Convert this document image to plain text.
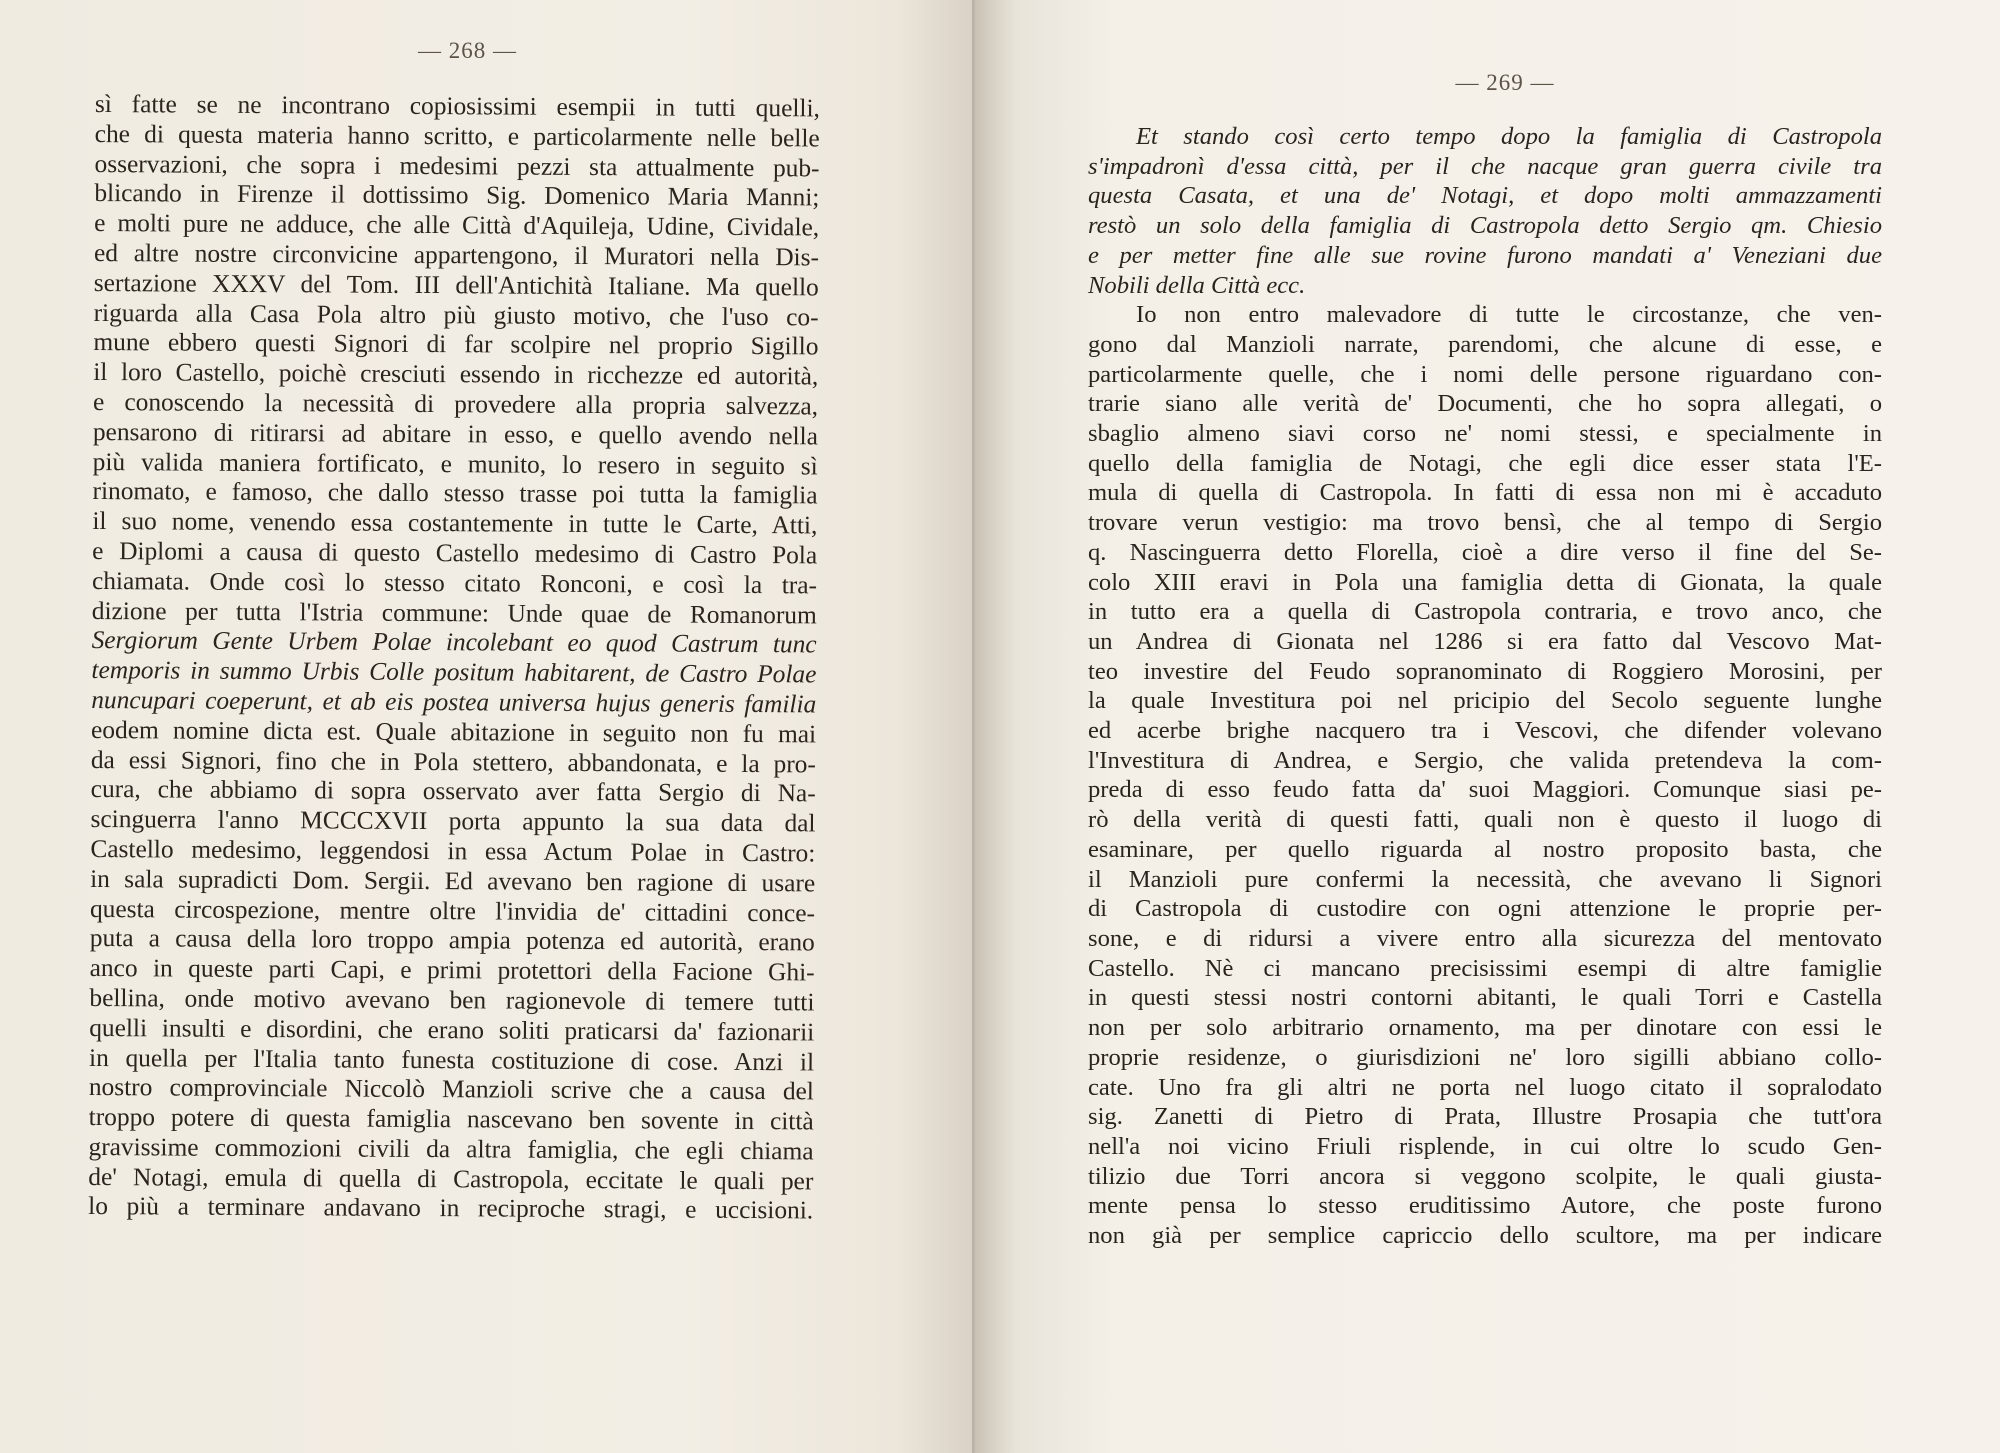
— 268 —
sì fatte se ne incontrano copiosissimi esempii in tutti quelli,
che di questa materia hanno scritto, e particolarmente nelle belle
osservazioni, che sopra i medesimi pezzi sta attualmente pub-
blicando in Firenze il dottissimo Sig. Domenico Maria Manni;
e molti pure ne adduce, che alle Città d'Aquileja, Udine, Cividale,
ed altre nostre circonvicine appartengono, il Muratori nella Dis-
sertazione XXXV del Tom. III dell'Antichità Italiane. Ma quello
riguarda alla Casa Pola altro più giusto motivo, che l'uso co-
mune ebbero questi Signori di far scolpire nel proprio Sigillo
il loro Castello, poichè cresciuti essendo in ricchezze ed autorità,
e conoscendo la necessità di provedere alla propria salvezza,
pensarono di ritirarsi ad abitare in esso, e quello avendo nella
più valida maniera fortificato, e munito, lo resero in seguito sì
rinomato, e famoso, che dallo stesso trasse poi tutta la famiglia
il suo nome, venendo essa costantemente in tutte le Carte, Atti,
e Diplomi a causa di questo Castello medesimo di Castro Pola
chiamata. Onde così lo stesso citato Ronconi, e così la tra-
dizione per tutta l'Istria commune: Unde quae de Romanorum
Sergiorum Gente Urbem Polae incolebant eo quod Castrum tunc
temporis in summo Urbis Colle positum habitarent, de Castro Polae
nuncupari coeperunt, et ab eis postea universa hujus generis familia
eodem nomine dicta est. Quale abitazione in seguito non fu mai
da essi Signori, fino che in Pola stettero, abbandonata, e la pro-
cura, che abbiamo di sopra osservato aver fatta Sergio di Na-
scinguerra l'anno MCCCXVII porta appunto la sua data dal
Castello medesimo, leggendosi in essa Actum Polae in Castro:
in sala supradicti Dom. Sergii. Ed avevano ben ragione di usare
questa circospezione, mentre oltre l'invidia de' cittadini conce-
puta a causa della loro troppo ampia potenza ed autorità, erano
anco in queste parti Capi, e primi protettori della Facione Ghi-
bellina, onde motivo avevano ben ragionevole di temere tutti
quelli insulti e disordini, che erano soliti praticarsi da' fazionarii
in quella per l'Italia tanto funesta costituzione di cose. Anzi il
nostro comprovinciale Niccolò Manzioli scrive che a causa del
troppo potere di questa famiglia nascevano ben sovente in città
gravissime commozioni civili da altra famiglia, che egli chiama
de' Notagi, emula di quella di Castropola, eccitate le quali per
lo più a terminare andavano in reciproche stragi, e uccisioni.
— 269 —
Et stando così certo tempo dopo la famiglia di Castropola
s'impadronì d'essa città, per il che nacque gran guerra civile tra
questa Casata, et una de' Notagi, et dopo molti ammazzamenti
restò un solo della famiglia di Castropola detto Sergio qm. Chiesio
e per metter fine alle sue rovine furono mandati a' Veneziani due
Nobili della Città ecc.
Io non entro malevadore di tutte le circostanze, che ven-
gono dal Manzioli narrate, parendomi, che alcune di esse, e
particolarmente quelle, che i nomi delle persone riguardano con-
trarie siano alle verità de' Documenti, che ho sopra allegati, o
sbaglio almeno siavi corso ne' nomi stessi, e specialmente in
quello della famiglia de Notagi, che egli dice esser stata l'E-
mula di quella di Castropola. In fatti di essa non mi è accaduto
trovare verun vestigio: ma trovo bensì, che al tempo di Sergio
q. Nascinguerra detto Florella, cioè a dire verso il fine del Se-
colo XIII eravi in Pola una famiglia detta di Gionata, la quale
in tutto era a quella di Castropola contraria, e trovo anco, che
un Andrea di Gionata nel 1286 si era fatto dal Vescovo Mat-
teo investire del Feudo sopranominato di Roggiero Morosini, per
la quale Investitura poi nel pricipio del Secolo seguente lunghe
ed acerbe brighe nacquero tra i Vescovi, che difender volevano
l'Investitura di Andrea, e Sergio, che valida pretendeva la com-
preda di esso feudo fatta da' suoi Maggiori. Comunque siasi pe-
rò della verità di questi fatti, quali non è questo il luogo di
esaminare, per quello riguarda al nostro proposito basta, che
il Manzioli pure confermi la necessità, che avevano li Signori
di Castropola di custodire con ogni attenzione le proprie per-
sone, e di ridursi a vivere entro alla sicurezza del mentovato
Castello. Nè ci mancano precisissimi esempi di altre famiglie
in questi stessi nostri contorni abitanti, le quali Torri e Castella
non per solo arbitrario ornamento, ma per dinotare con essi le
proprie residenze, o giurisdizioni ne' loro sigilli abbiano collo-
cate. Uno fra gli altri ne porta nel luogo citato il sopralodato
sig. Zanetti di Pietro di Prata, Illustre Prosapia che tutt'ora
nell'a noi vicino Friuli risplende, in cui oltre lo scudo Gen-
tilizio due Torri ancora si veggono scolpite, le quali giusta-
mente pensa lo stesso eruditissimo Autore, che poste furono
non già per semplice capriccio dello scultore, ma per indicare
